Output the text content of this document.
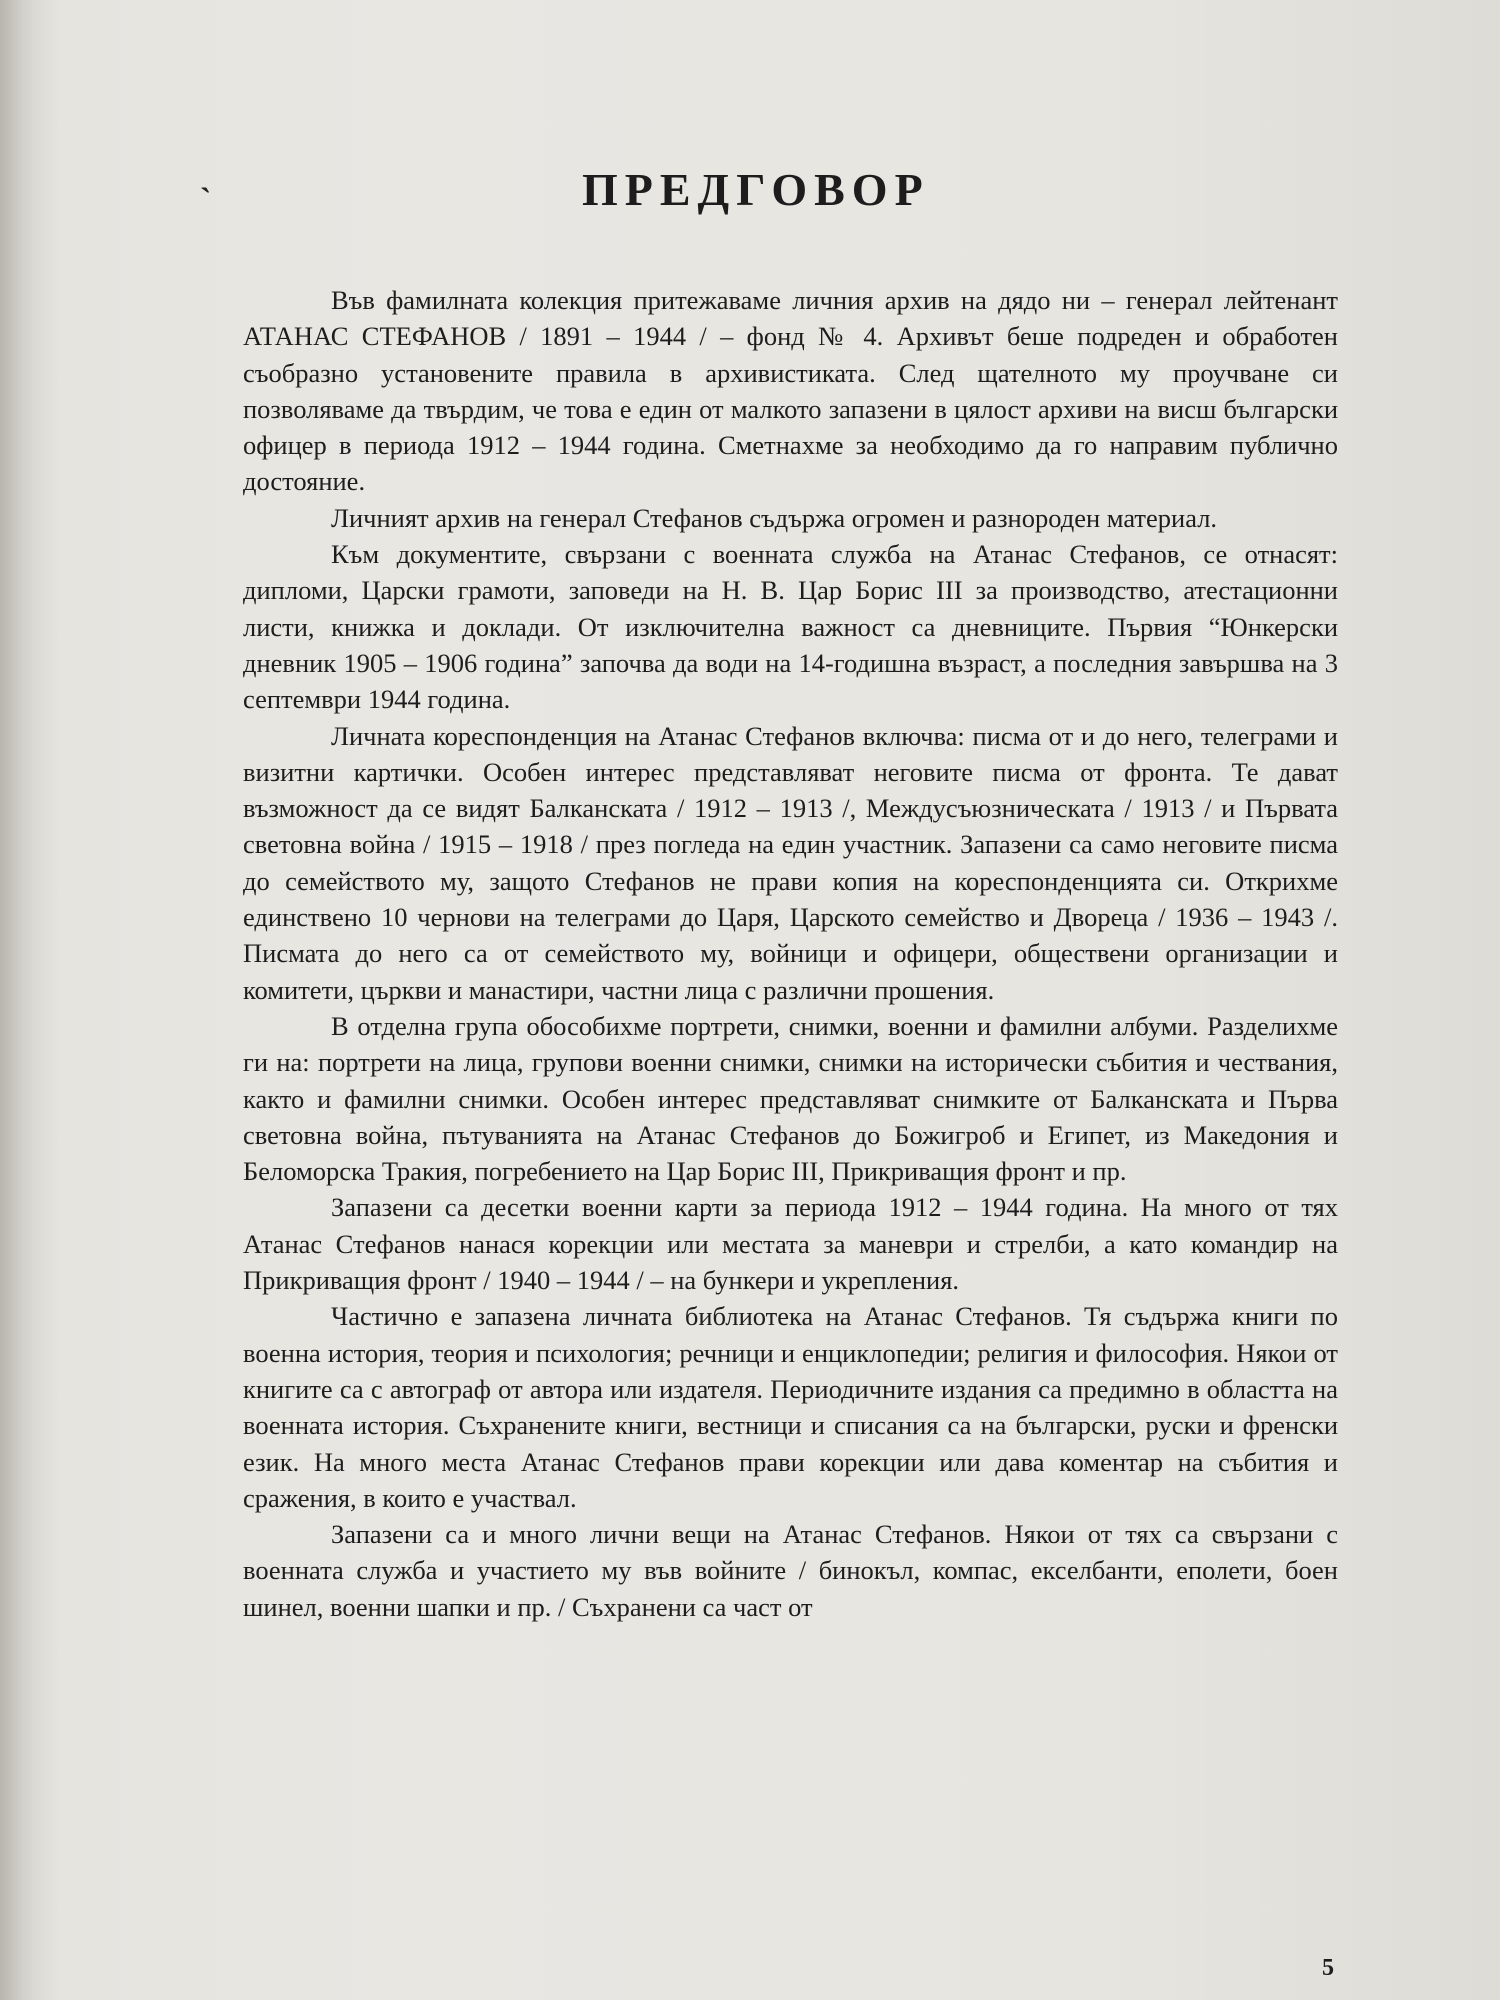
`	ПРЕДГОВОР

Във фамилната колекция притежаваме личния архив на дядо ни – генерал лейтенант АТАНАС СТЕФАНОВ / 1891 – 1944 / – фонд № 4. Архивът беше подреден и обработен съобразно установените правила в архивистиката. След щателното му проучване си позволяваме да твърдим, че това е един от малкото запазени в цялост архиви на висш български офицер в периода 1912 – 1944 година. Сметнахме за необходимо да го направим публично достояние.

Личният архив на генерал Стефанов съдържа огромен и разнороден материал.

Към документите, свързани с военната служба на Атанас Стефанов, се отнасят: дипломи, Царски грамоти, заповеди на Н. В. Цар Борис III за производство, атестационни листи, книжка и доклади. От изключителна важност са дневниците. Първия “Юнкерски дневник 1905 – 1906 година” започва да води на 14-годишна възраст, а последния завършва на 3 септември 1944 година.

Личната кореспонденция на Атанас Стефанов включва: писма от и до него, телеграми и визитни картички. Особен интерес представляват неговите писма от фронта. Те дават възможност да се видят Балканската / 1912 – 1913 /, Междусъюзническата / 1913 / и Първата световна война / 1915 – 1918 / през погледа на един участник. Запазени са само неговите писма до семейството му, защото Стефанов не прави копия на кореспонденцията си. Открихме единствено 10 чернови на телеграми до Царя, Царското семейство и Двореца / 1936 – 1943 /. Писмата до него са от семейството му, войници и офицери, обществени организации и комитети, църкви и манастири, частни лица с различни прошения.

В отделна група обособихме портрети, снимки, военни и фамилни албуми. Разделихме ги на: портрети на лица, групови военни снимки, снимки на исторически събития и чествания, както и фамилни снимки. Особен интерес представляват снимките от Балканската и Първа световна война, пътуванията на Атанас Стефанов до Божигроб и Египет, из Македония и Беломорска Тракия, погребението на Цар Борис III, Прикриващия фронт и пр.

Запазени са десетки военни карти за периода 1912 – 1944 година. На много от тях Атанас Стефанов нанася корекции или местата за маневри и стрелби, а като командир на Прикриващия фронт / 1940 – 1944 / – на бункери и укрепления.

Частично е запазена личната библиотека на Атанас Стефанов. Тя съдържа книги по военна история, теория и психология; речници и енциклопедии; религия и философия. Някои от книгите са с автограф от автора или издателя. Периодичните издания са предимно в областта на военната история. Съхранените книги, вестници и списания са на български, руски и френски език. На много места Атанас Стефанов прави корекции или дава коментар на събития и сражения, в които е участвал.

Запазени са и много лични вещи на Атанас Стефанов. Някои от тях са свързани с военната служба и участието му във войните / бинокъл, компас, екселбанти, еполети, боен шинел, военни шапки и пр. / Съхранени са част от

5
